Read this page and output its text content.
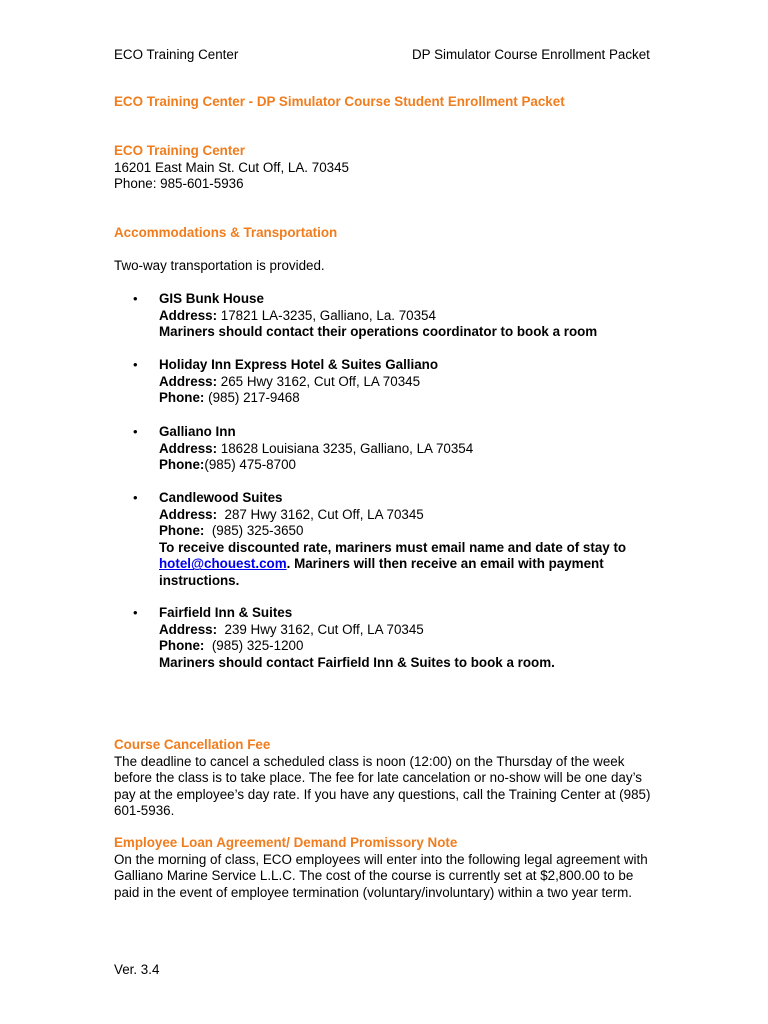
ECO Training Center	DP Simulator Course Enrollment Packet
ECO Training Center - DP Simulator Course Student Enrollment Packet
ECO Training Center
16201 East Main St. Cut Off, LA. 70345
Phone: 985-601-5936
Accommodations & Transportation
Two-way transportation is provided.
• GIS Bunk House
Address: 17821 LA-3235, Galliano, La. 70354
Mariners should contact their operations coordinator to book a room
• Holiday Inn Express Hotel & Suites Galliano
Address: 265 Hwy 3162, Cut Off, LA 70345
Phone: (985) 217-9468
• Galliano Inn
Address: 18628 Louisiana 3235, Galliano, LA 70354
Phone:(985) 475-8700
• Candlewood Suites
Address: 287 Hwy 3162, Cut Off, LA 70345
Phone: (985) 325-3650
To receive discounted rate, mariners must email name and date of stay to
hotel@chouest.com. Mariners will then receive an email with payment instructions.
• Fairfield Inn & Suites
Address: 239 Hwy 3162, Cut Off, LA 70345
Phone: (985) 325-1200
Mariners should contact Fairfield Inn & Suites to book a room.
Course Cancellation Fee
The deadline to cancel a scheduled class is noon (12:00) on the Thursday of the week before the class is to take place. The fee for late cancelation or no-show will be one day’s pay at the employee’s day rate. If you have any questions, call the Training Center at (985) 601-5936.
Employee Loan Agreement/ Demand Promissory Note
On the morning of class, ECO employees will enter into the following legal agreement with Galliano Marine Service L.L.C. The cost of the course is currently set at $2,800.00 to be paid in the event of employee termination (voluntary/involuntary) within a two year term.
Ver. 3.4
